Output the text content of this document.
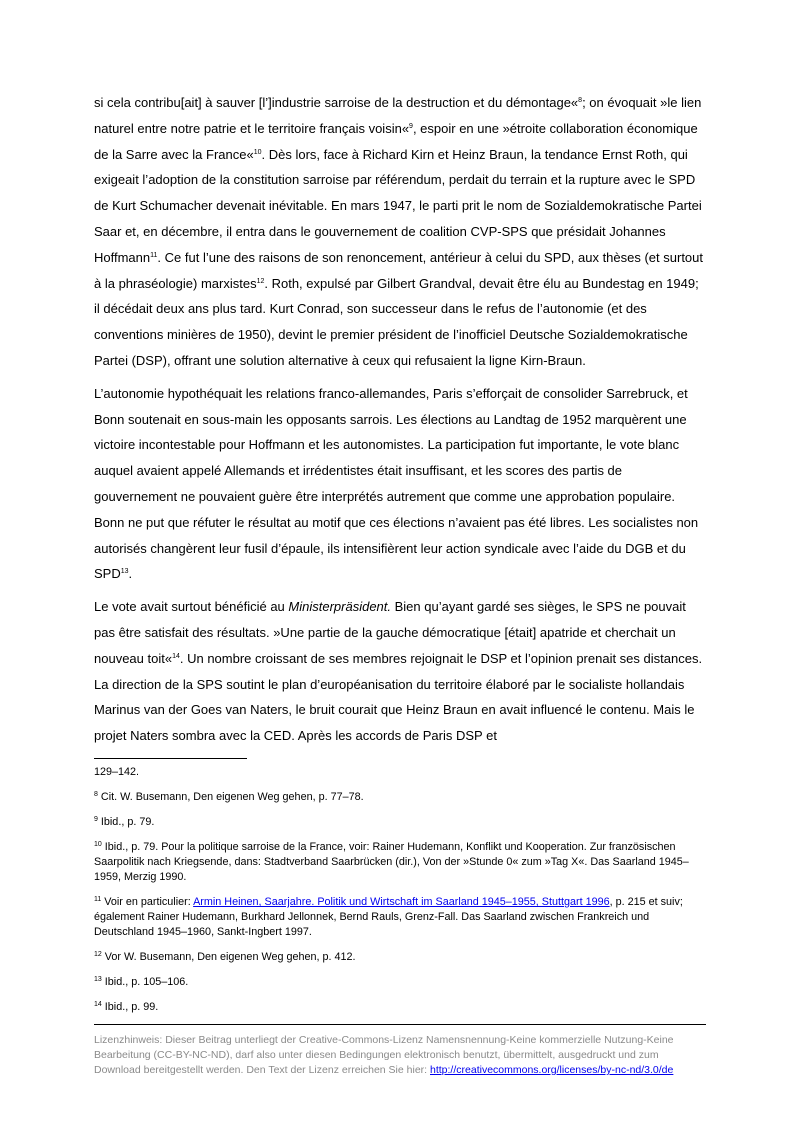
si cela contribu[ait] à sauver [l’]industrie sarroise de la destruction et du démontage«$^8$; on évoquait »le lien naturel entre notre patrie et le territoire français voisin«$^9$, espoir en une »étroite collaboration économique de la Sarre avec la France«$^{10}$. Dès lors, face à Richard Kirn et Heinz Braun, la tendance Ernst Roth, qui exigeait l’adoption de la constitution sarroise par référendum, perdait du terrain et la rupture avec le SPD de Kurt Schumacher devenait inévitable. En mars 1947, le parti prit le nom de Sozialdemokratische Partei Saar et, en décembre, il entra dans le gouvernement de coalition CVP-SPS que présidait Johannes Hoffmann$^{11}$. Ce fut l’une des raisons de son renoncement, antérieur à celui du SPD, aux thèses (et surtout à la phraséologie) marxistes$^{12}$. Roth, expulsé par Gilbert Grandval, devait être élu au Bundestag en 1949; il décédait deux ans plus tard. Kurt Conrad, son successeur dans le refus de l’autonomie (et des conventions minières de 1950), devint le premier président de l’inofficiel Deutsche Sozialdemokratische Partei (DSP), offrant une solution alternative à ceux qui refusaient la ligne Kirn-Braun.

L’autonomie hypothéquait les relations franco-allemandes, Paris s’efforçait de consolider Sarrebruck, et Bonn soutenait en sous-main les opposants sarrois. Les élections au Landtag de 1952 marquèrent une victoire incontestable pour Hoffmann et les autonomistes. La participation fut importante, le vote blanc auquel avaient appelé Allemands et irrédentistes était insuffisant, et les scores des partis de gouvernement ne pouvaient guère être interprétés autrement que comme une approbation populaire. Bonn ne put que réfuter le résultat au motif que ces élections n’avaient pas été libres. Les socialistes non autorisés changèrent leur fusil d’épaule, ils intensifièrent leur action syndicale avec l’aide du DGB et du SPD$^{13}$.

Le vote avait surtout bénéficié au Ministerpräsident. Bien qu’ayant gardé ses sièges, le SPS ne pouvait pas être satisfait des résultats. »Une partie de la gauche démocratique [était] apatride et cherchait un nouveau toit«$^{14}$. Un nombre croissant de ses membres rejoignait le DSP et l’opinion prenait ses distances. La direction de la SPS soutint le plan d’européanisation du territoire élaboré par le socialiste hollandais Marinus van der Goes van Naters, le bruit courait que Heinz Braun en avait influencé le contenu. Mais le projet Naters sombra avec la CED. Après les accords de Paris DSP et

129–142.

$^8$ Cit. W. Busemann, Den eigenen Weg gehen, p. 77–78.

$^9$ Ibid., p. 79.

$^{10}$ Ibid., p. 79. Pour la politique sarroise de la France, voir: Rainer Hudemann, Konflikt und Kooperation. Zur französischen Saarpolitik nach Kriegsende, dans: Stadtverband Saarbrücken (dir.), Von der »Stunde 0« zum »Tag X«. Das Saarland 1945–1959, Merzig 1990.

$^{11}$ Voir en particulier: Armin Heinen, Saarjahre. Politik und Wirtschaft im Saarland 1945–1955, Stuttgart 1996, p. 215 et suiv; également Rainer Hudemann, Burkhard Jellonnek, Bernd Rauls, Grenz-Fall. Das Saarland zwischen Frankreich und Deutschland 1945–1960, Sankt-Ingbert 1997.

$^{12}$ Vor W. Busemann, Den eigenen Weg gehen, p. 412.

$^{13}$ Ibid., p. 105–106.

$^{14}$ Ibid., p. 99.

Lizenzhinweis: Dieser Beitrag unterliegt der Creative-Commons-Lizenz Namensnennung-Keine kommerzielle Nutzung-Keine Bearbeitung (CC-BY-NC-ND), darf also unter diesen Bedingungen elektronisch benutzt, übermittelt, ausgedruckt und zum Download bereitgestellt werden. Den Text der Lizenz erreichen Sie hier: http://creativecommons.org/licenses/by-nc-nd/3.0/de
